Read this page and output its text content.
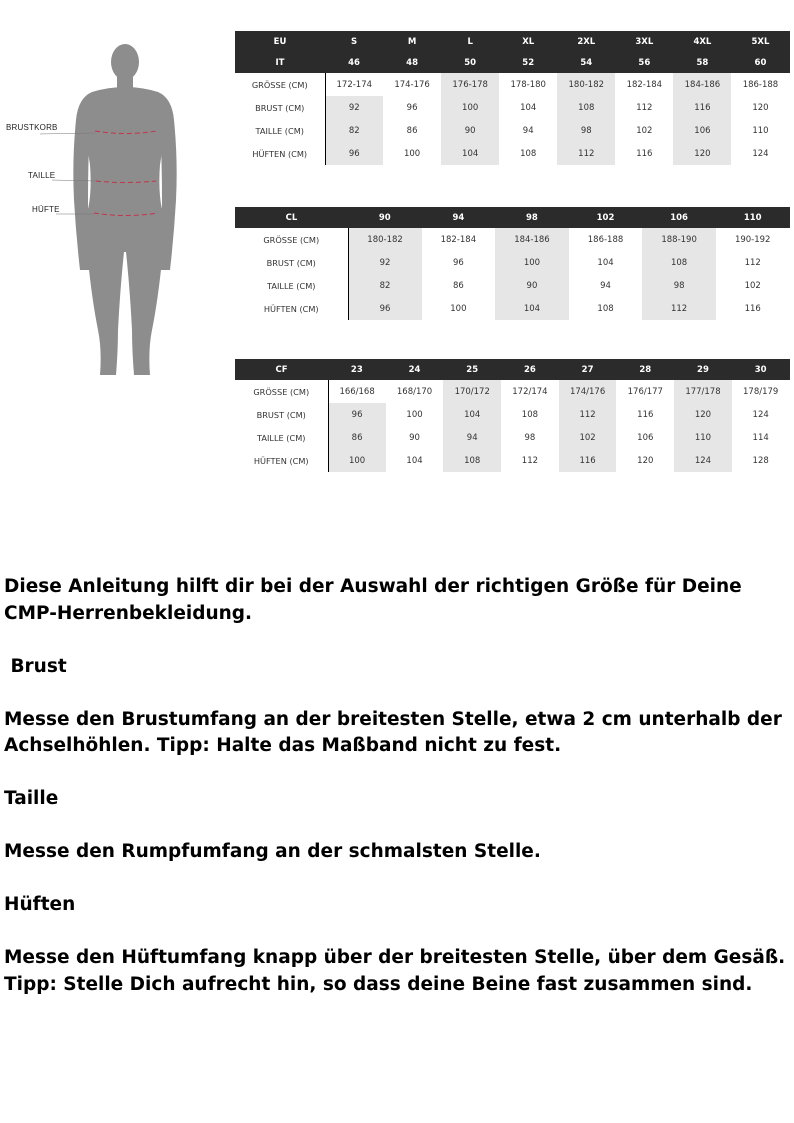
BRUSTKORB
TAILLE
HÜFTE
EU	S	M	L	XL	2XL	3XL	4XL	5XL
IT	46	48	50	52	54	56	58	60
GRÖSSE (CM)	172-174	174-176	176-178	178-180	180-182	182-184	184-186	186-188
BRUST (CM)	92	96	100	104	108	112	116	120
TAILLE (CM)	82	86	90	94	98	102	106	110
HÜFTEN (CM)	96	100	104	108	112	116	120	124
CL	90	94	98	102	106	110
GRÖSSE (CM)	180-182	182-184	184-186	186-188	188-190	190-192
BRUST (CM)	92	96	100	104	108	112
TAILLE (CM)	82	86	90	94	98	102
HÜFTEN (CM)	96	100	104	108	112	116
CF	23	24	25	26	27	28	29	30
GRÖSSE (CM)	166/168	168/170	170/172	172/174	174/176	176/177	177/178	178/179
BRUST (CM)	96	100	104	108	112	116	120	124
TAILLE (CM)	86	90	94	98	102	106	110	114
HÜFTEN (CM)	100	104	108	112	116	120	124	128

Diese Anleitung hilft dir bei der Auswahl der richtigen Größe für Deine CMP-Herrenbekleidung.

Brust

Messe den Brustumfang an der breitesten Stelle, etwa 2 cm unterhalb der Achselhöhlen. Tipp: Halte das Maßband nicht zu fest.

Taille

Messe den Rumpfumfang an der schmalsten Stelle.

Hüften

Messe den Hüftumfang knapp über der breitesten Stelle, über dem Gesäß. Tipp: Stelle Dich aufrecht hin, so dass deine Beine fast zusammen sind.
